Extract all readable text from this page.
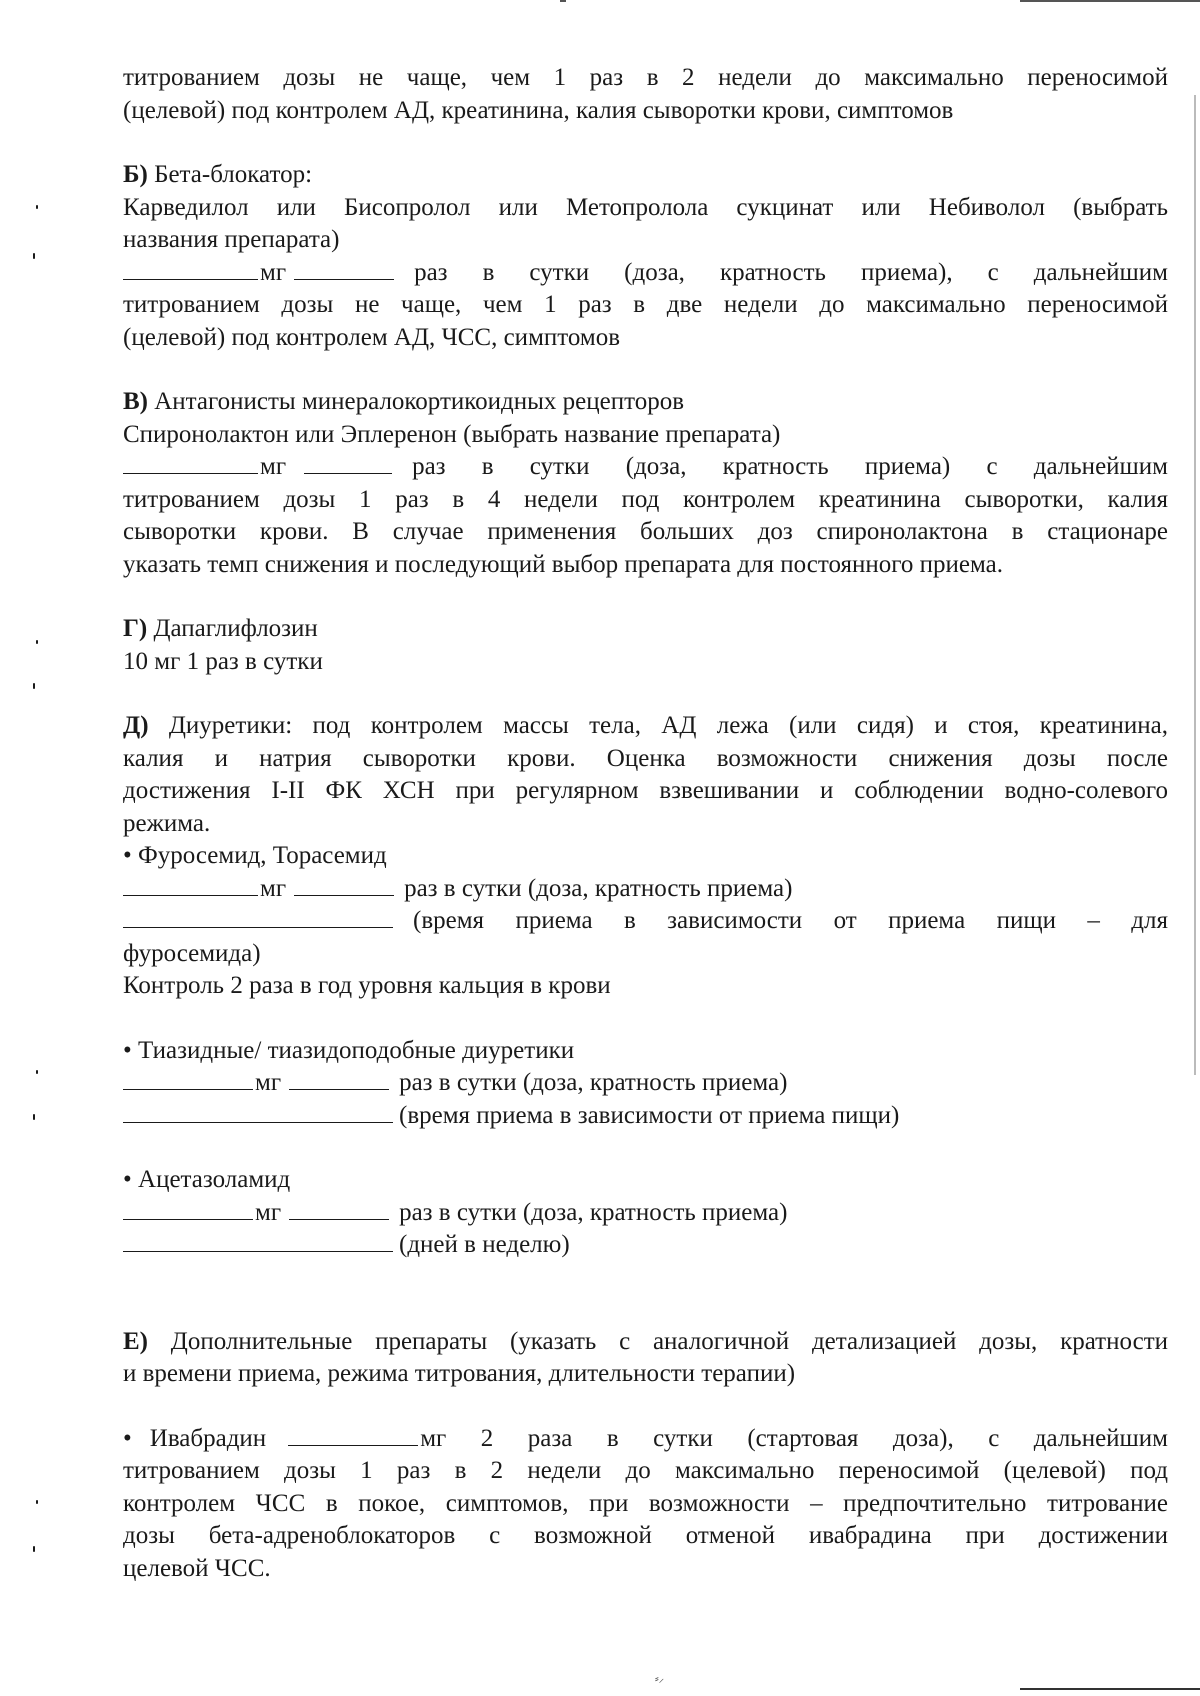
⸗⸝
титрованием дозы не чаще, чем 1 раз в 2 недели до максимально переносимой
(целевой) под контролем АД, креатинина, калия сыворотки крови, симптомов
Б) Бета-блокатор:
Карведилол или Бисопролол или Метопролола сукцинат или Небиволол (выбрать
названия препарата)
мг	раз в сутки (доза, кратность приема), с дальнейшим
титрованием дозы не чаще, чем 1 раз в две недели до максимально переносимой
(целевой) под контролем АД, ЧСС, симптомов
В) Антагонисты минералокортикоидных рецепторов
Спиронолактон или Эплеренон (выбрать название препарата)
мг	раз в сутки (доза, кратность приема) с дальнейшим
титрованием дозы 1 раз в 4 недели под контролем креатинина сыворотки, калия
сыворотки крови. В случае применения больших доз спиронолактона в стационаре
указать темп снижения и последующий выбор препарата для постоянного приема.
Г) Дапаглифлозин
10 мг 1 раз в сутки
Д) Диуретики: под контролем массы тела, АД лежа (или сидя) и стоя, креатинина,
калия и натрия сыворотки крови. Оценка возможности снижения дозы после
достижения I-II ФК ХСН при регулярном взвешивании и соблюдении водно-солевого
режима.
• Фуросемид, Торасемид
мг	раз в сутки (доза, кратность приема)
(время приема в зависимости от приема пищи – для
фуросемида)
Контроль 2 раза в год уровня кальция в крови
• Тиазидные/ тиазидоподобные диуретики
мг	раз в сутки (доза, кратность приема)
(время приема в зависимости от приема пищи)
• Ацетазоламид
мг	раз в сутки (доза, кратность приема)
(дней в неделю)
Е) Дополнительные препараты (указать с аналогичной детализацией дозы, кратности
и времени приема, режима титрования, длительности терапии)
• Ивабрадин	мг 2 раза в сутки (стартовая доза), с дальнейшим
титрованием дозы 1 раз в 2 недели до максимально переносимой (целевой) под
контролем ЧСС в покое, симптомов, при возможности – предпочтительно титрование
дозы бета-адреноблокаторов с возможной отменой ивабрадина при достижении
целевой ЧСС.
